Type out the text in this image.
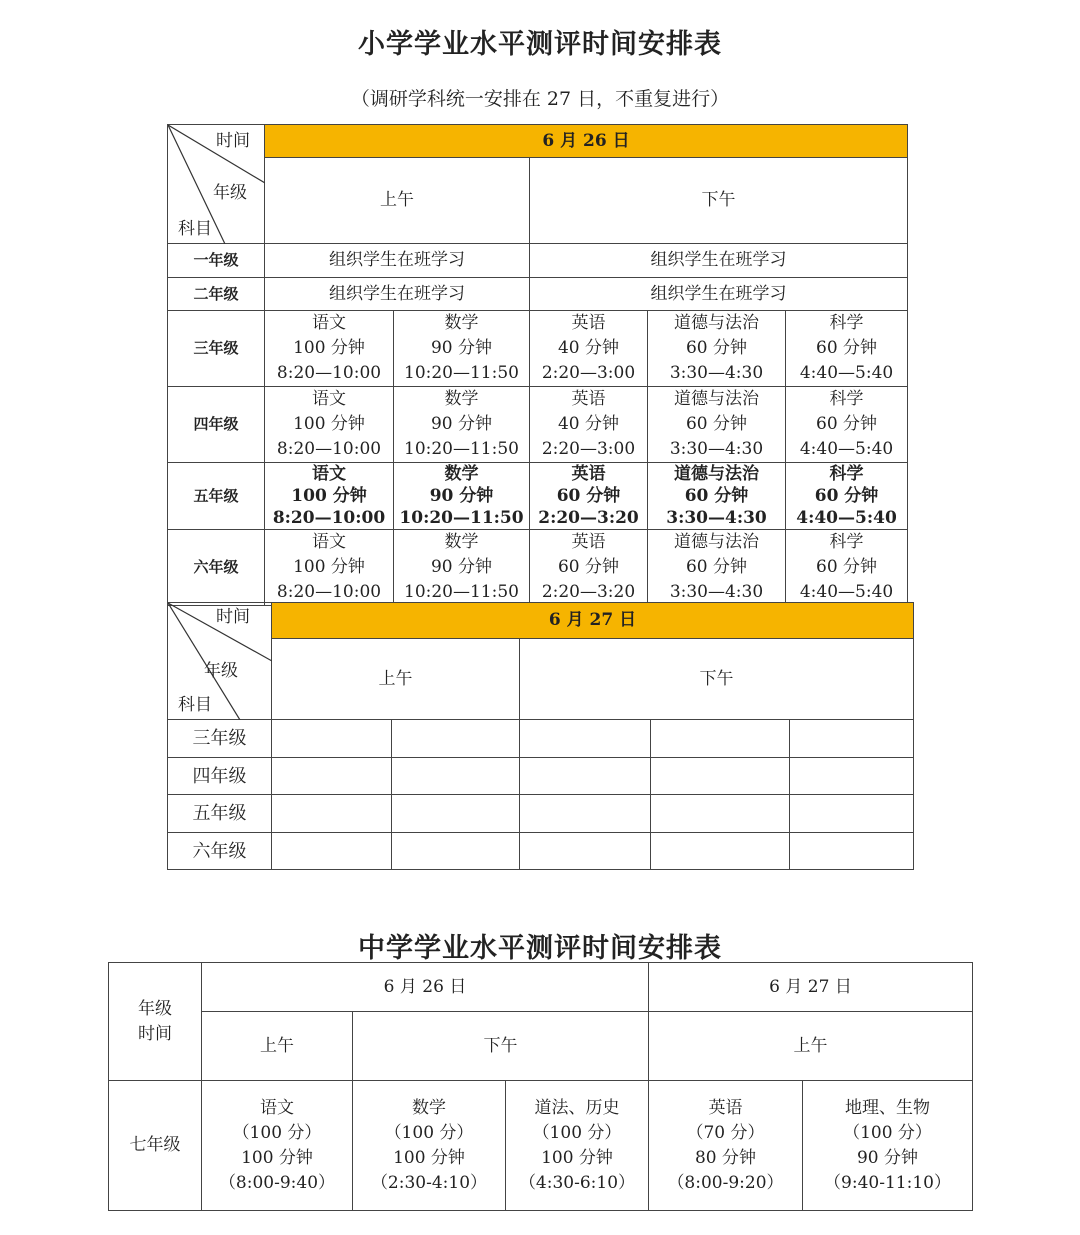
小学学业水平测评时间安排表
（调研学科统一安排在 27 日，不重复进行）
时间
年级
科目	6 月 26 日				
	上午		下午		
一年级	组织学生在班学习		组织学生在班学习		
二年级	组织学生在班学习		组织学生在班学习		
三年级	语文
100 分钟
8:20—10:00	数学
90 分钟
10:20—11:50	英语
40 分钟
2:20—3:00	道德与法治
60 分钟
3:30—4:30	科学
60 分钟
4:40—5:40

四年级	语文
100 分钟
8:20—10:00	数学
90 分钟
10:20—11:50	英语
40 分钟
2:20—3:00	道德与法治
60 分钟
3:30—4:30	科学
60 分钟
4:40—5:40

五年级	语文
100 分钟
8:20—10:00	数学
90 分钟
10:20—11:50	英语
60 分钟
2:20—3:20	道德与法治
60 分钟
3:30—4:30	科学
60 分钟
4:40—5:40

六年级	语文
100 分钟
8:20—10:00	数学
90 分钟
10:20—11:50	英语
60 分钟
2:20—3:20	道德与法治
60 分钟
3:30—4:30	科学
60 分钟
4:40—5:40
时间
年级
科目	6 月 27 日				
	上午		下午		
三年级					
四年级					
五年级					
六年级					
中学学业水平测评时间安排表
年级
时间	6 月 26 日			6 月 27 日	
	上午	下午		上午	
七年级	语文
（100 分）
100 分钟
（8:00-9:40）	数学
（100 分）
100 分钟
（2:30-4:10）	道法、历史
（100 分）
100 分钟
（4:30-6:10）	英语
（70 分）
80 分钟
（8:00-9:20）	地理、生物
（100 分）
90 分钟
（9:40-11:10）
